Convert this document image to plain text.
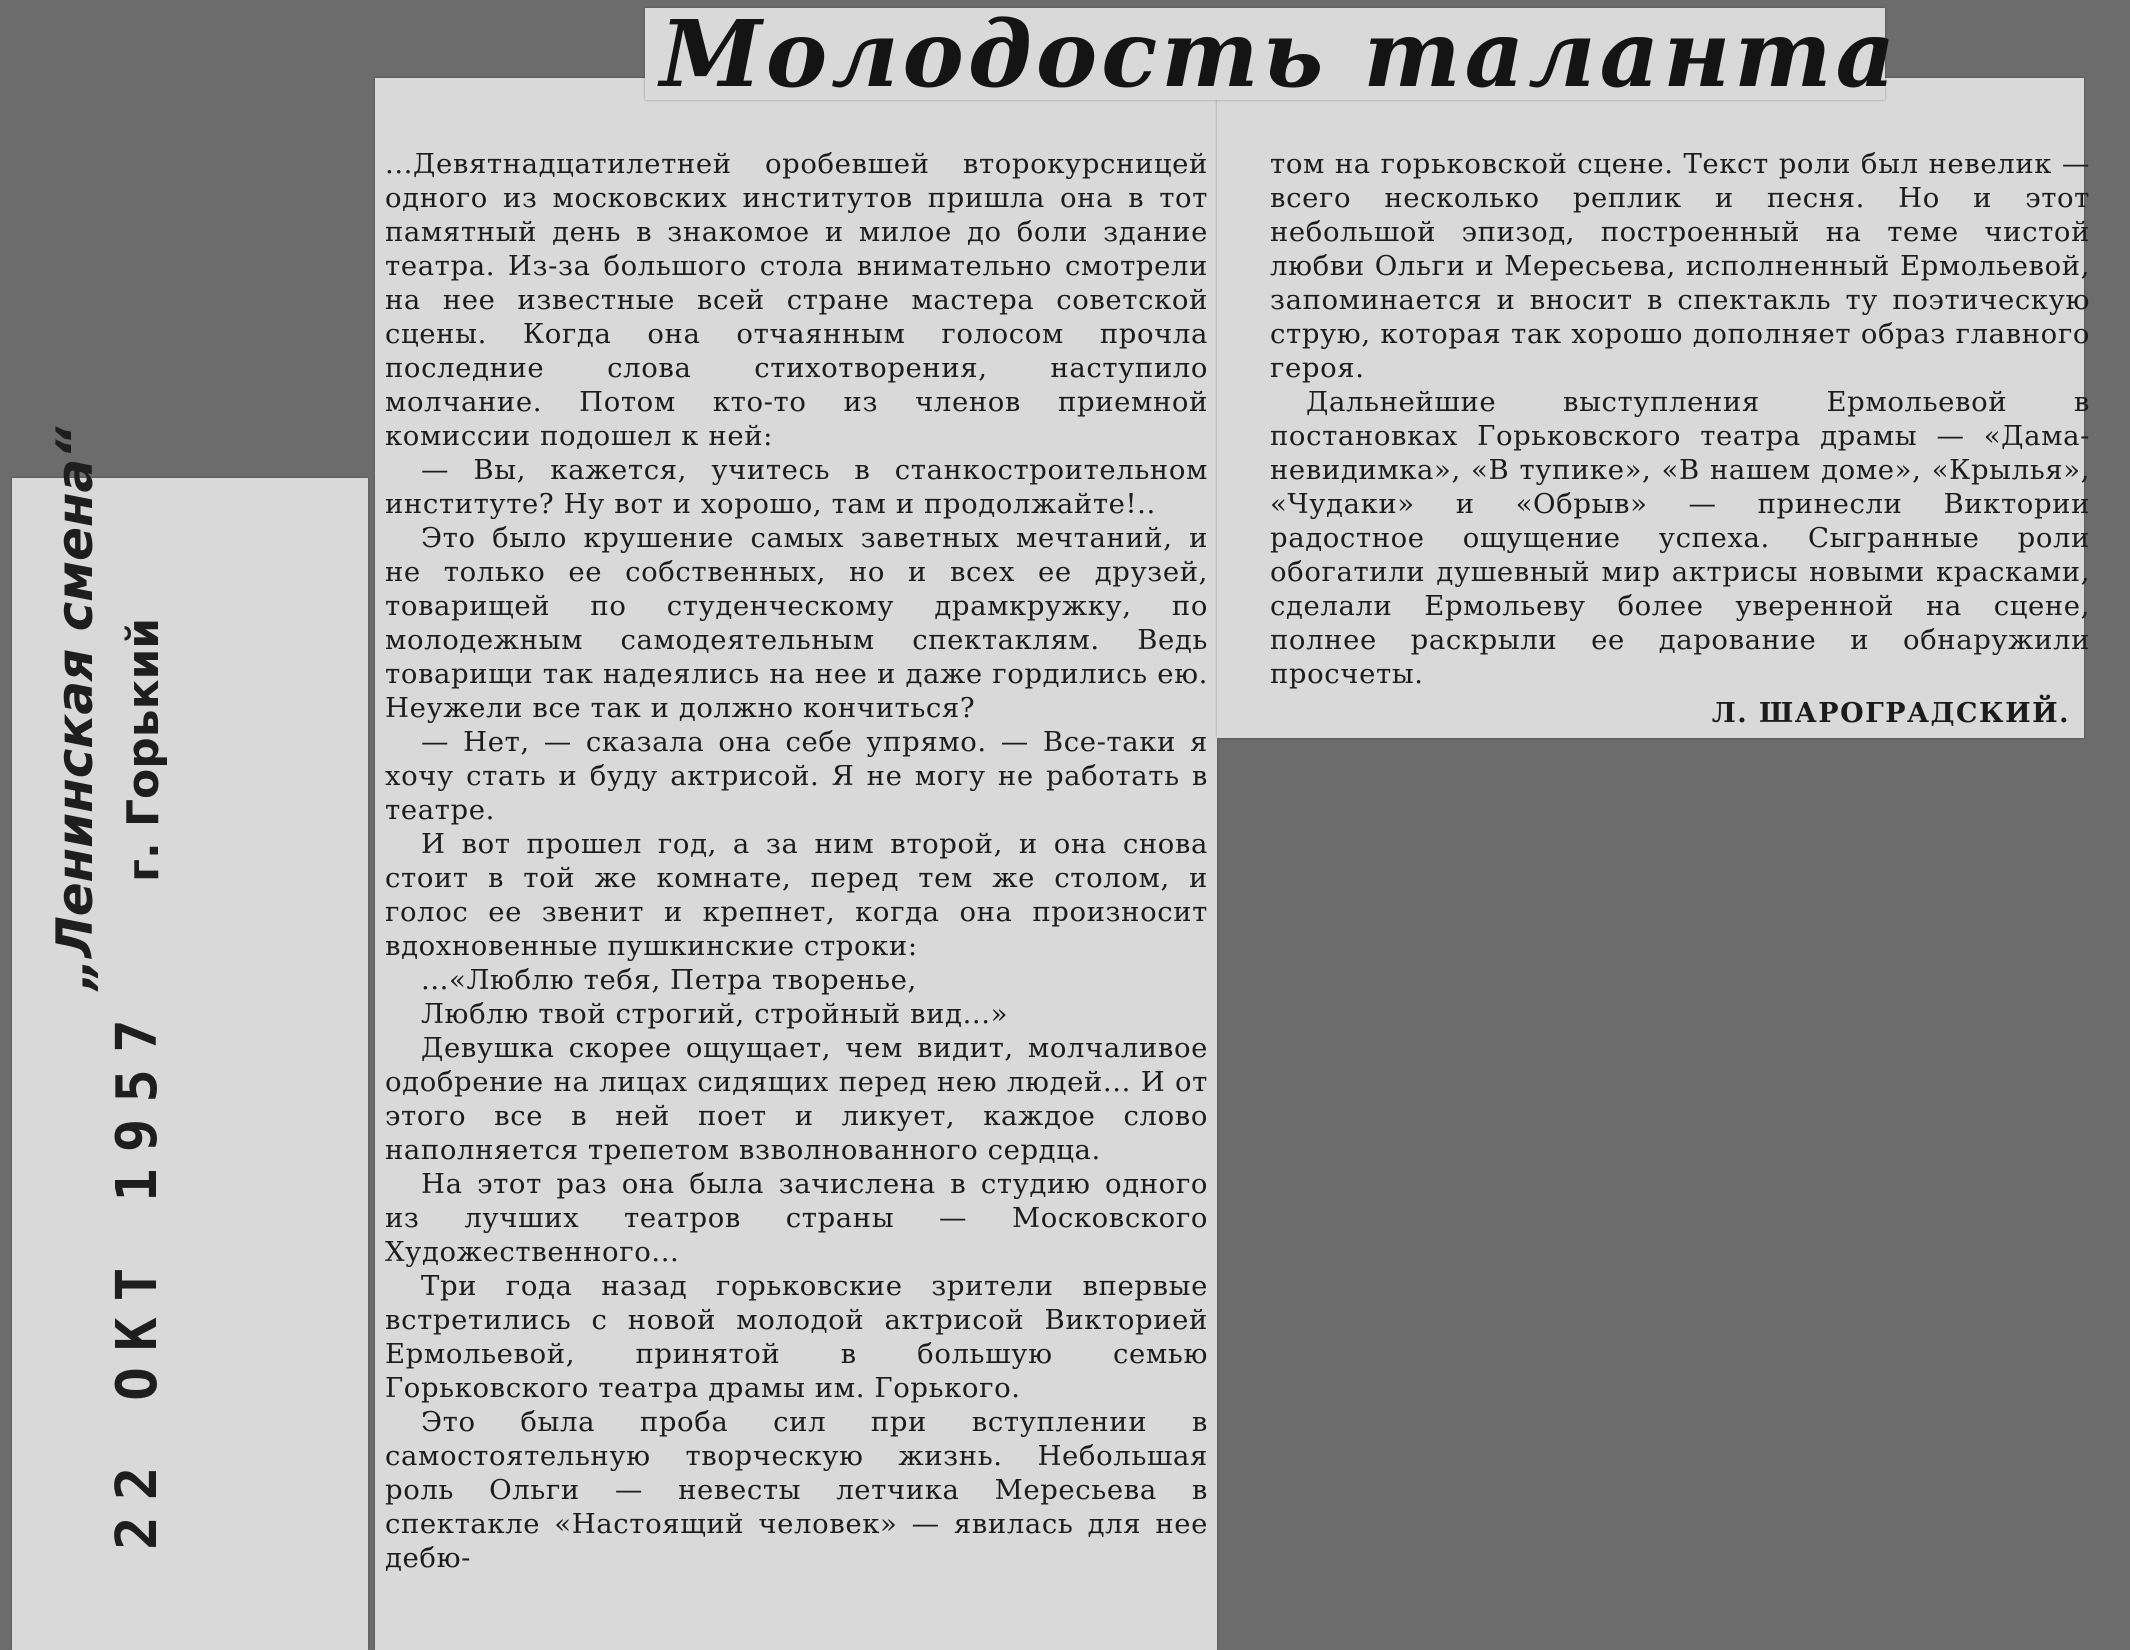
Молодость таланта
„Ленинская смена“ г. Горький
22 ОКТ 1957

...Девятнадцатилетней оробевшей второкурсницей одного из московских институтов пришла она в тот памятный день в знакомое и милое до боли здание театра. Из-за большого стола внимательно смотрели на нее известные всей стране мастера советской сцены. Когда она отчаянным голосом прочла последние слова стихотворения, наступило молчание. Потом кто-то из членов приемной комиссии подошел к ней:

— Вы, кажется, учитесь в станкостроительном институте? Ну вот и хорошо, там и продолжайте!..

Это было крушение самых заветных мечтаний, и не только ее собственных, но и всех ее друзей, товарищей по студенческому драмкружку, по молодежным самодеятельным спектаклям. Ведь товарищи так надеялись на нее и даже гордились ею. Неужели все так и должно кончиться?

— Нет, — сказала она себе упрямо. — Все-таки я хочу стать и буду актрисой. Я не могу не работать в театре.

И вот прошел год, а за ним второй, и она снова стоит в той же комнате, перед тем же столом, и голос ее звенит и крепнет, когда она произносит вдохновенные пушкинские строки:

...«Люблю тебя, Петра творенье,

Люблю твой строгий, стройный вид...»

Девушка скорее ощущает, чем видит, молчаливое одобрение на лицах сидящих перед нею людей... И от этого все в ней поет и ликует, каждое слово наполняется трепетом взволнованного сердца.

На этот раз она была зачислена в студию одного из лучших театров страны — Московского Художественного...

Три года назад горьковские зрители впервые встретились с новой молодой актрисой Викторией Ермольевой, принятой в большую семью Горьковского театра драмы им. Горького.

Это была проба сил при вступлении в самостоятельную творческую жизнь. Небольшая роль Ольги — невесты летчика Мересьева в спектакле «Настоящий человек» — явилась для нее дебю-

том на горьковской сцене. Текст роли был невелик — всего несколько реплик и песня. Но и этот небольшой эпизод, построенный на теме чистой любви Ольги и Мересьева, исполненный Ермольевой, запоминается и вносит в спектакль ту поэтическую струю, которая так хорошо дополняет образ главного героя.

Дальнейшие выступления Ермольевой в постановках Горьковского театра драмы — «Дама-невидимка», «В тупике», «В нашем доме», «Крылья», «Чудаки» и «Обрыв» — принесли Виктории радостное ощущение успеха. Сыгранные роли обогатили душевный мир актрисы новыми красками, сделали Ермольеву более уверенной на сцене, полнее раскрыли ее дарование и обнаружили просчеты.

Л. ШАРОГРАДСКИЙ.
